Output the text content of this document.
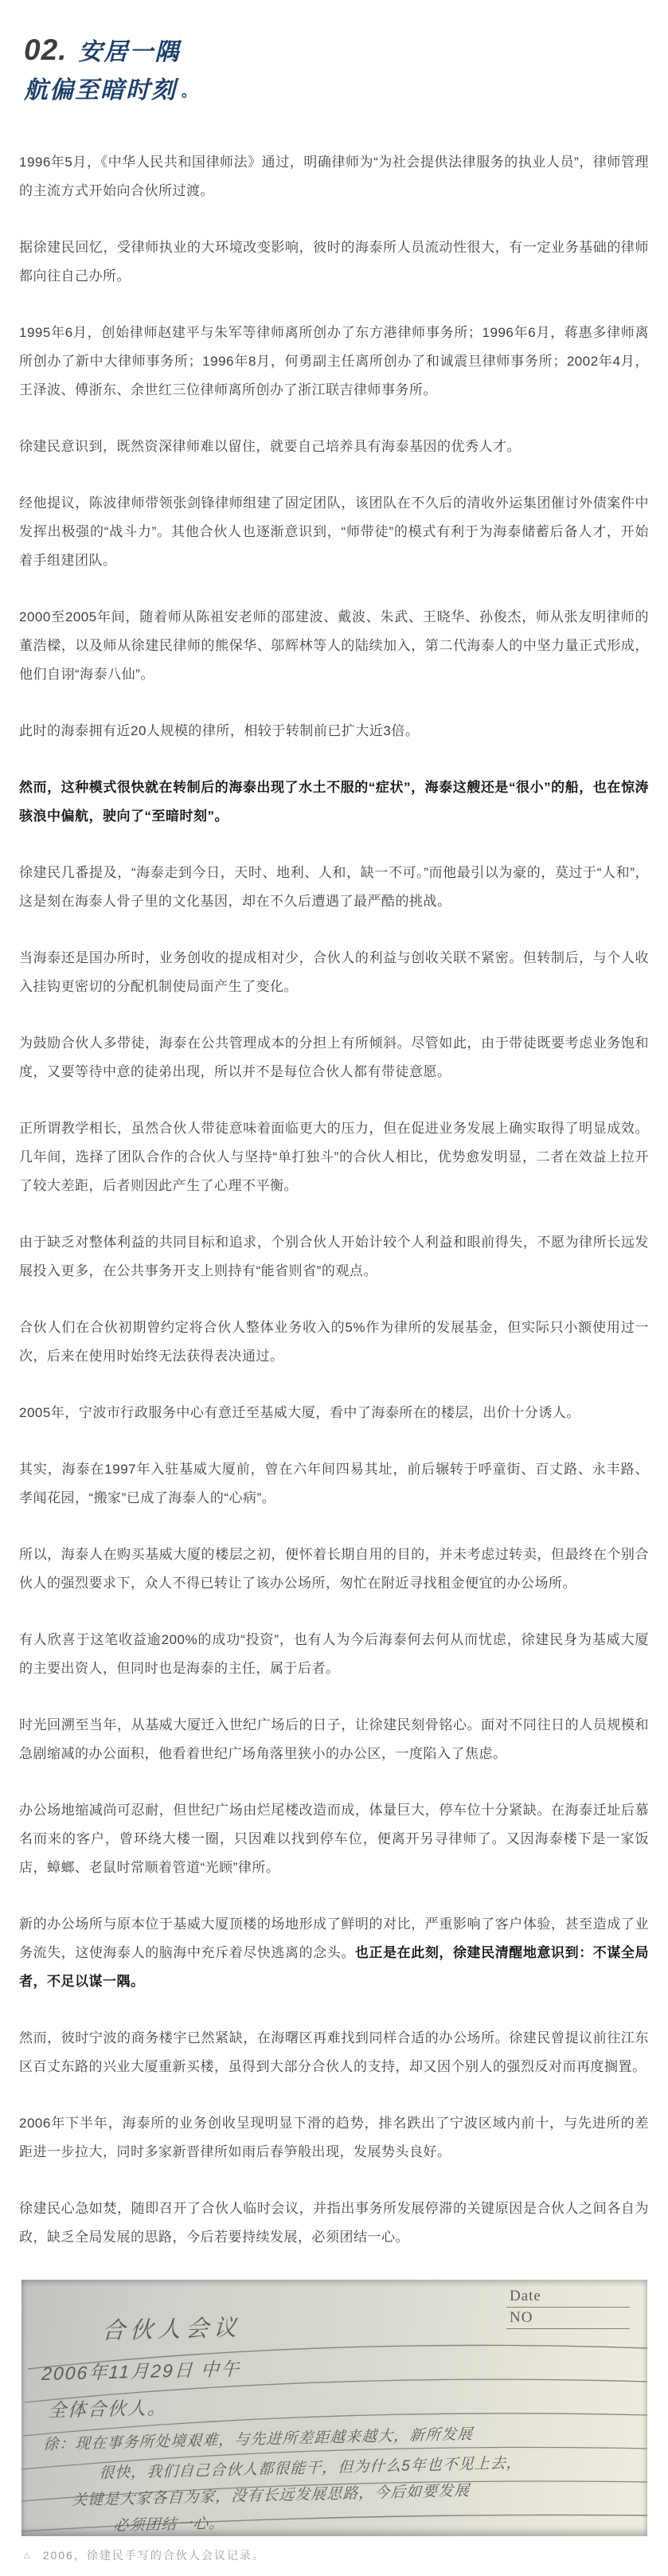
02. 安居一隅
航偏至暗时刻 。

1996年5月，《中华人民共和国律师法》通过，明确律师为“为社会提供法律服务的执业人员”，律师管理的主流方式开始向合伙所过渡。

据徐建民回忆，受律师执业的大环境改变影响，彼时的海泰所人员流动性很大，有一定业务基础的律师都向往自己办所。

1995年6月，创始律师赵建平与朱军等律师离所创办了东方港律师事务所；1996年6月，蒋惠多律师离所创办了新中大律师事务所；1996年8月，何勇副主任离所创办了和诚震旦律师事务所；2002年4月，王泽波、傅浙东、余世红三位律师离所创办了浙江联吉律师事务所。

徐建民意识到，既然资深律师难以留住，就要自己培养具有海泰基因的优秀人才。

经他提议，陈波律师带领张剑锋律师组建了固定团队，该团队在不久后的清收外运集团催讨外债案件中发挥出极强的“战斗力”。其他合伙人也逐渐意识到，“师带徒”的模式有利于为海泰储蓄后备人才，开始着手组建团队。

2000至2005年间，随着师从陈祖安老师的邵建波、戴波、朱武、王晓华、孙俊杰，师从张友明律师的董浩樑，以及师从徐建民律师的熊保华、邬辉林等人的陆续加入，第二代海泰人的中坚力量正式形成，他们自诩“海泰八仙”。

此时的海泰拥有近20人规模的律所，相较于转制前已扩大近3倍。

然而，这种模式很快就在转制后的海泰出现了水土不服的“症状”，海泰这艘还是“很小”的船，也在惊涛骇浪中偏航，驶向了“至暗时刻”。

徐建民几番提及，“海泰走到今日，天时、地利、人和，缺一不可。”而他最引以为豪的，莫过于“人和”，这是刻在海泰人骨子里的文化基因，却在不久后遭遇了最严酷的挑战。

当海泰还是国办所时，业务创收的提成相对少，合伙人的利益与创收关联不紧密。但转制后，与个人收入挂钩更密切的分配机制使局面产生了变化。

为鼓励合伙人多带徒，海泰在公共管理成本的分担上有所倾斜。尽管如此，由于带徒既要考虑业务饱和度，又要等待中意的徒弟出现，所以并不是每位合伙人都有带徒意愿。

正所谓教学相长，虽然合伙人带徒意味着面临更大的压力，但在促进业务发展上确实取得了明显成效。几年间，选择了团队合作的合伙人与坚持“单打独斗”的合伙人相比，优势愈发明显，二者在效益上拉开了较大差距，后者则因此产生了心理不平衡。

由于缺乏对整体利益的共同目标和追求，个别合伙人开始计较个人利益和眼前得失，不愿为律所长远发展投入更多，在公共事务开支上则持有“能省则省”的观点。

合伙人们在合伙初期曾约定将合伙人整体业务收入的5%作为律所的发展基金，但实际只小额使用过一次，后来在使用时始终无法获得表决通过。

2005年，宁波市行政服务中心有意迁至基威大厦，看中了海泰所在的楼层，出价十分诱人。

其实，海泰在1997年入驻基威大厦前，曾在六年间四易其址，前后辗转于呼童街、百丈路、永丰路、孝闻花园，“搬家”已成了海泰人的“心病”。

所以，海泰人在购买基威大厦的楼层之初，便怀着长期自用的目的，并未考虑过转卖，但最终在个别合伙人的强烈要求下，众人不得已转让了该办公场所，匆忙在附近寻找租金便宜的办公场所。

有人欣喜于这笔收益逾200%的成功“投资”，也有人为今后海泰何去何从而忧虑，徐建民身为基威大厦的主要出资人，但同时也是海泰的主任，属于后者。

时光回溯至当年，从基威大厦迁入世纪广场后的日子，让徐建民刻骨铭心。面对不同往日的人员规模和急剧缩减的办公面积，他看着世纪广场角落里狭小的办公区，一度陷入了焦虑。

办公场地缩减尚可忍耐，但世纪广场由烂尾楼改造而成，体量巨大，停车位十分紧缺。在海泰迁址后慕名而来的客户，曾环绕大楼一圈，只因难以找到停车位，便离开另寻律师了。又因海泰楼下是一家饭店，蟑螂、老鼠时常顺着管道“光顾”律所。

新的办公场所与原本位于基威大厦顶楼的场地形成了鲜明的对比，严重影响了客户体验，甚至造成了业务流失，这使海泰人的脑海中充斥着尽快逃离的念头。也正是在此刻，徐建民清醒地意识到：不谋全局者，不足以谋一隅。

然而，彼时宁波的商务楼宇已然紧缺，在海曙区再难找到同样合适的办公场所。徐建民曾提议前往江东区百丈东路的兴业大厦重新买楼，虽得到大部分合伙人的支持，却又因个别人的强烈反对而再度搁置。

2006年下半年，海泰所的业务创收呈现明显下滑的趋势，排名跌出了宁波区域内前十，与先进所的差距进一步拉大，同时多家新晋律所如雨后春笋般出现，发展势头良好。

徐建民心急如焚，随即召开了合伙人临时会议，并指出事务所发展停滞的关键原因是合伙人之间各自为政，缺乏全局发展的思路，今后若要持续发展，必须团结一心。

Date
NO
合伙人会议
2006年11月29日 中午
全体合伙人。
徐：现在事务所处境艰难，与先进所差距越来越大，新所发展
很快，我们自己合伙人都很能干，但为什么5年也不见上去，
关键是大家各自为家，没有长远发展思路，今后如要发展
必须团结一心。
△ 2006，徐建民手写的合伙人会议记录。
